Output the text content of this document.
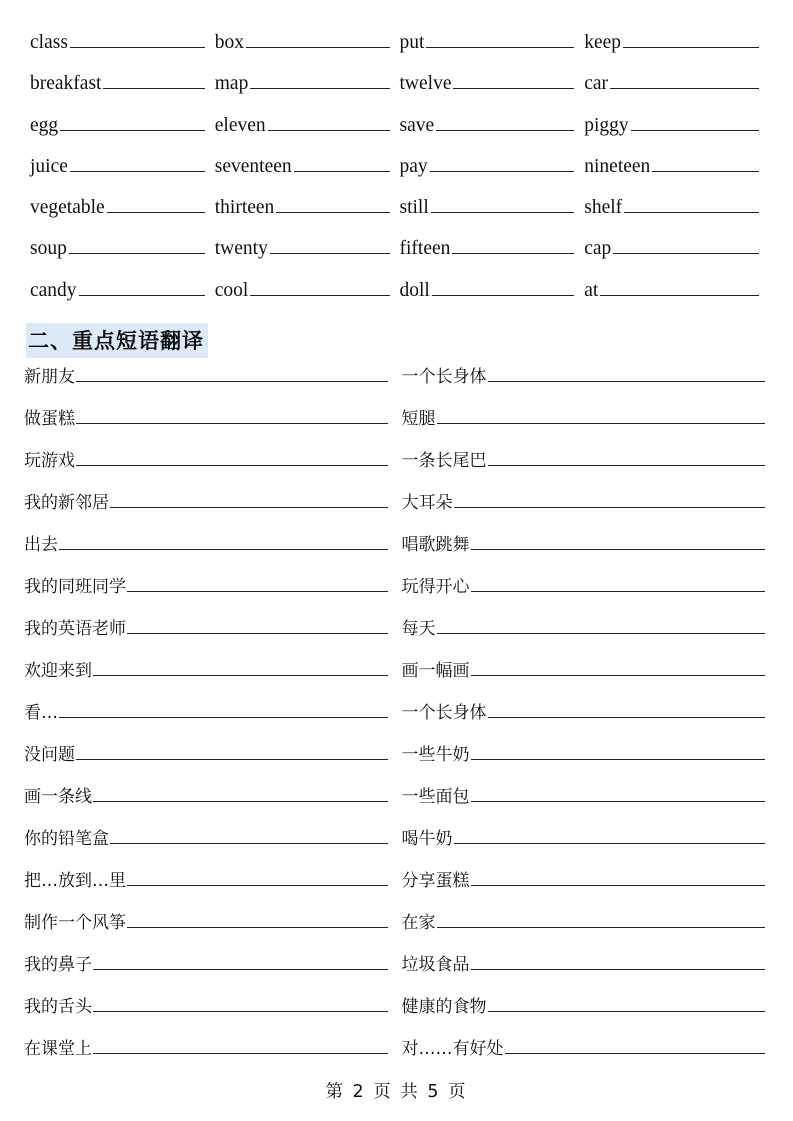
class	box	put	keep
breakfast	map	twelve	car
egg	eleven	save	piggy
juice	seventeen	pay	nineteen
vegetable	thirteen	still	shelf
soup	twenty	fifteen	cap
candy	cool	doll	at
二、重点短语翻译
新朋友	一个长身体
做蛋糕	短腿
玩游戏	一条长尾巴
我的新邻居	大耳朵
出去	唱歌跳舞
我的同班同学	玩得开心
我的英语老师	每天
欢迎来到	画一幅画
看…	一个长身体
没问题	一些牛奶
画一条线	一些面包
你的铅笔盒	喝牛奶
把…放到…里	分享蛋糕
制作一个风筝	在家
我的鼻子	垃圾食品
我的舌头	健康的食物
在课堂上	对……有好处
第 2 页 共 5 页
